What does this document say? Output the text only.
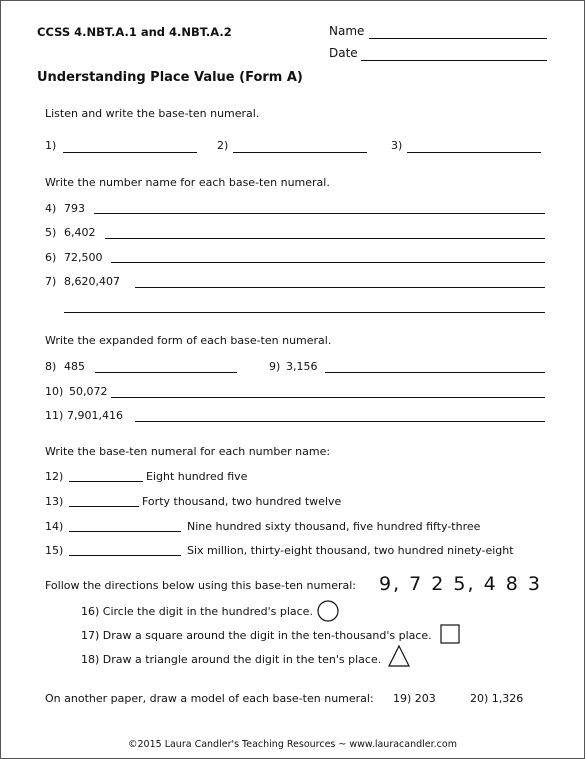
CCSS 4.NBT.A.1 and 4.NBT.A.2	Name
Date
Understanding Place Value (Form A)
Listen and write the base-ten numeral.
1)	2)	3)
Write the number name for each base-ten numeral.
4) 793
5) 6,402
6) 72,500
7) 8,620,407
Write the expanded form of each base-ten numeral.
8) 485	9) 3,156
10) 50,072
11) 7,901,416
Write the base-ten numeral for each number name:
12)	Eight hundred five
13)	Forty thousand, two hundred twelve
14)	Nine hundred sixty thousand, five hundred fifty-three
15)	Six million, thirty-eight thousand, two hundred ninety-eight
Follow the directions below using this base-ten numeral: 9, 7 2 5, 4 8 3
16) Circle the digit in the hundred's place.
17) Draw a square around the digit in the ten-thousand's place.
18) Draw a triangle around the digit in the ten's place.
On another paper, draw a model of each base-ten numeral: 19) 203	20) 1,326
©2015 Laura Candler's Teaching Resources ~ www.lauracandler.com
